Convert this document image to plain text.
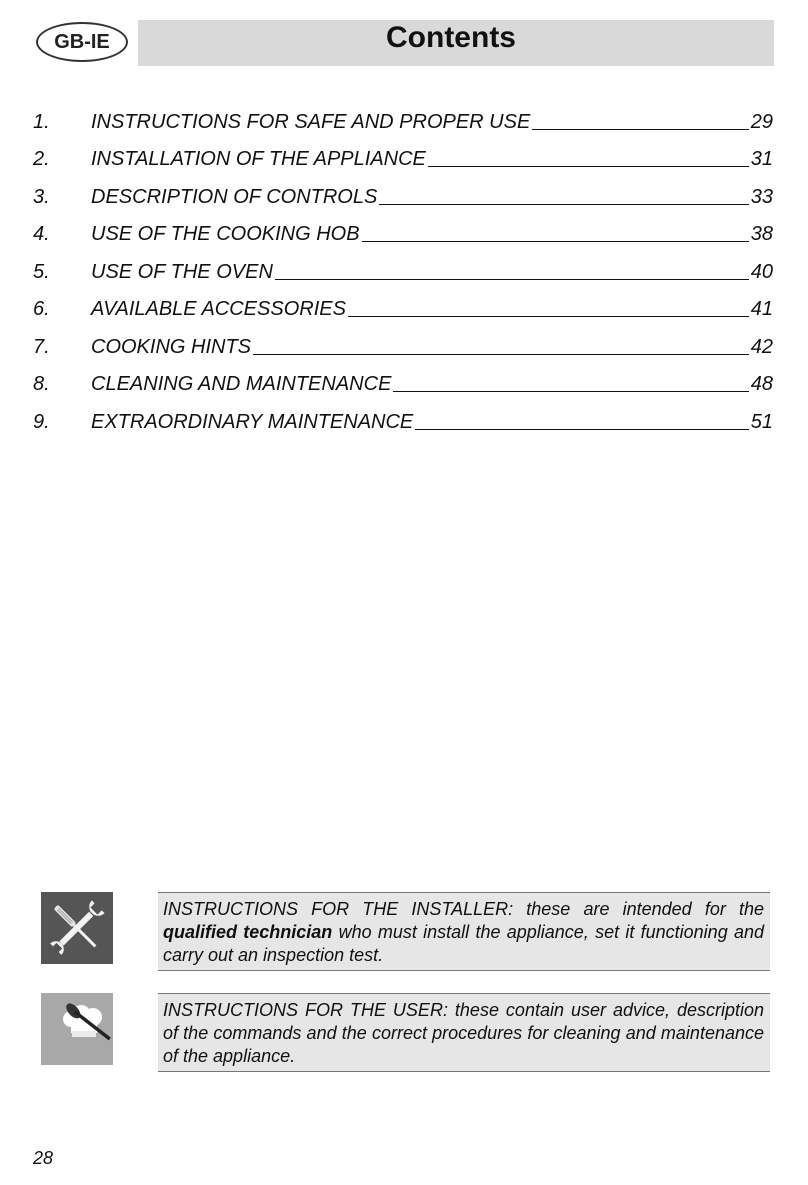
GB-IE	Contents
1.	INSTRUCTIONS FOR SAFE AND PROPER USE	29
2.	INSTALLATION OF THE APPLIANCE	31
3.	DESCRIPTION OF CONTROLS	33
4.	USE OF THE COOKING HOB	38
5.	USE OF THE OVEN	40
6.	AVAILABLE ACCESSORIES	41
7.	COOKING HINTS	42
8.	CLEANING AND MAINTENANCE	48
9.	EXTRAORDINARY MAINTENANCE	51
INSTRUCTIONS FOR THE INSTALLER: these are intended for the qualified technician who must install the appliance, set it functioning and carry out an inspection test.
INSTRUCTIONS FOR THE USER: these contain user advice, description of the commands and the correct procedures for cleaning and maintenance of the appliance.
28
